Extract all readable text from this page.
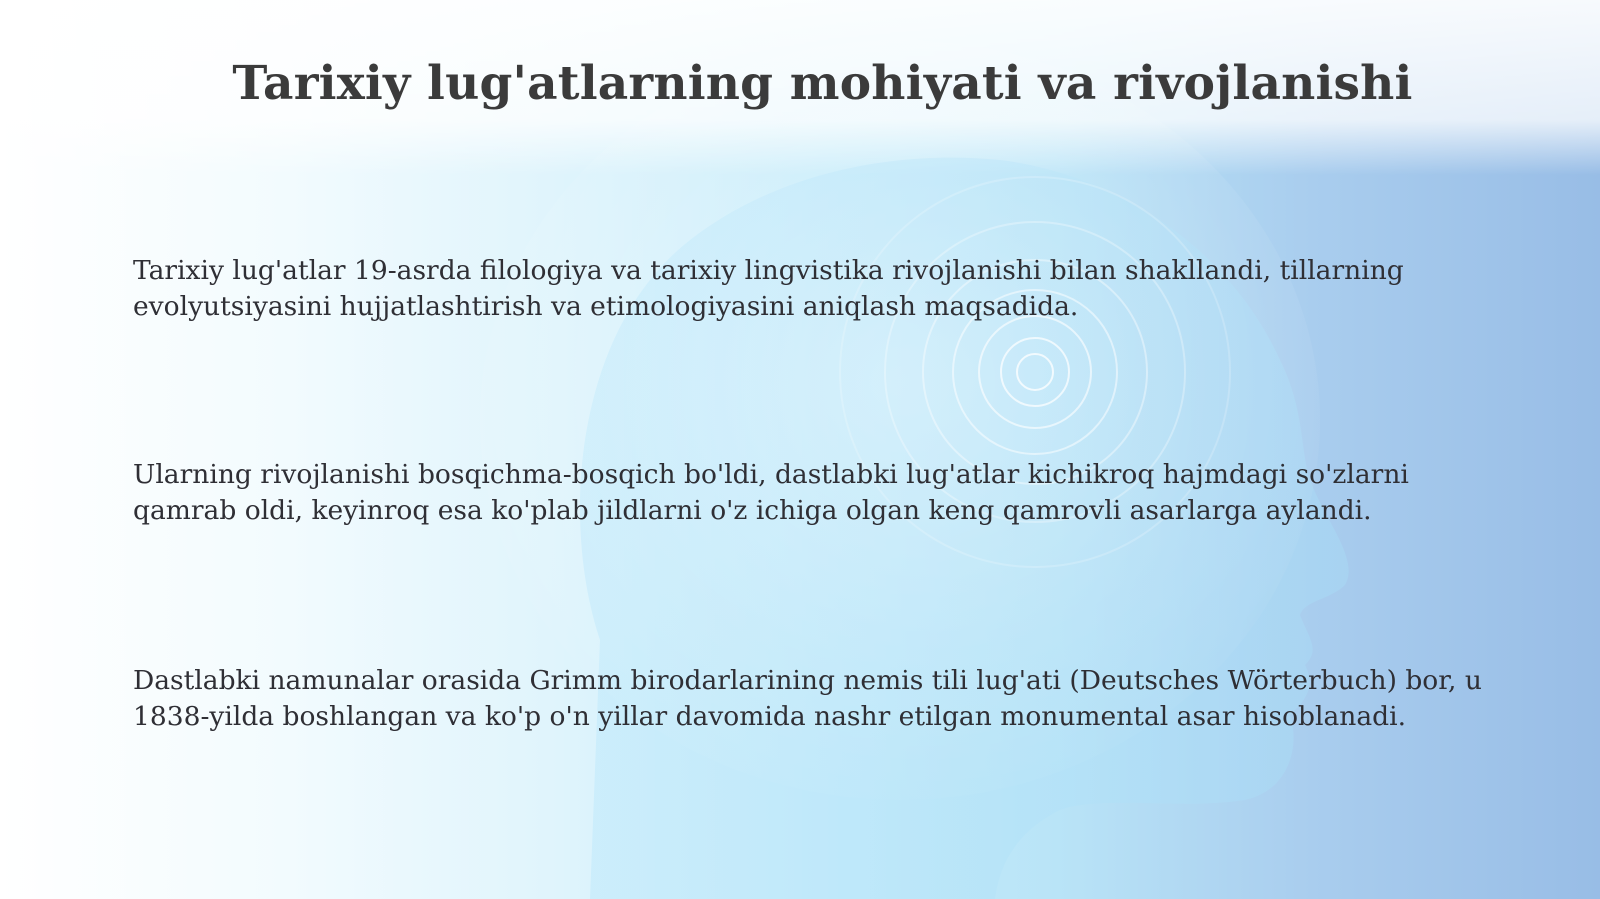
Tarixiy lug'atlarning mohiyati va rivojlanishi
Tarixiy lug'atlar 19-asrda filologiya va tarixiy lingvistika rivojlanishi bilan shakllandi, tillarning evolyutsiyasini hujjatlashtirish va etimologiyasini aniqlash maqsadida.
Ularning rivojlanishi bosqichma-bosqich bo'ldi, dastlabki lug'atlar kichikroq hajmdagi so'zlarni qamrab oldi, keyinroq esa ko'plab jildlarni o'z ichiga olgan keng qamrovli asarlarga aylandi.
Dastlabki namunalar orasida Grimm birodarlarining nemis tili lug'ati (Deutsches Wörterbuch) bor, u 1838-yilda boshlangan va ko'p o'n yillar davomida nashr etilgan monumental asar hisoblanadi.
